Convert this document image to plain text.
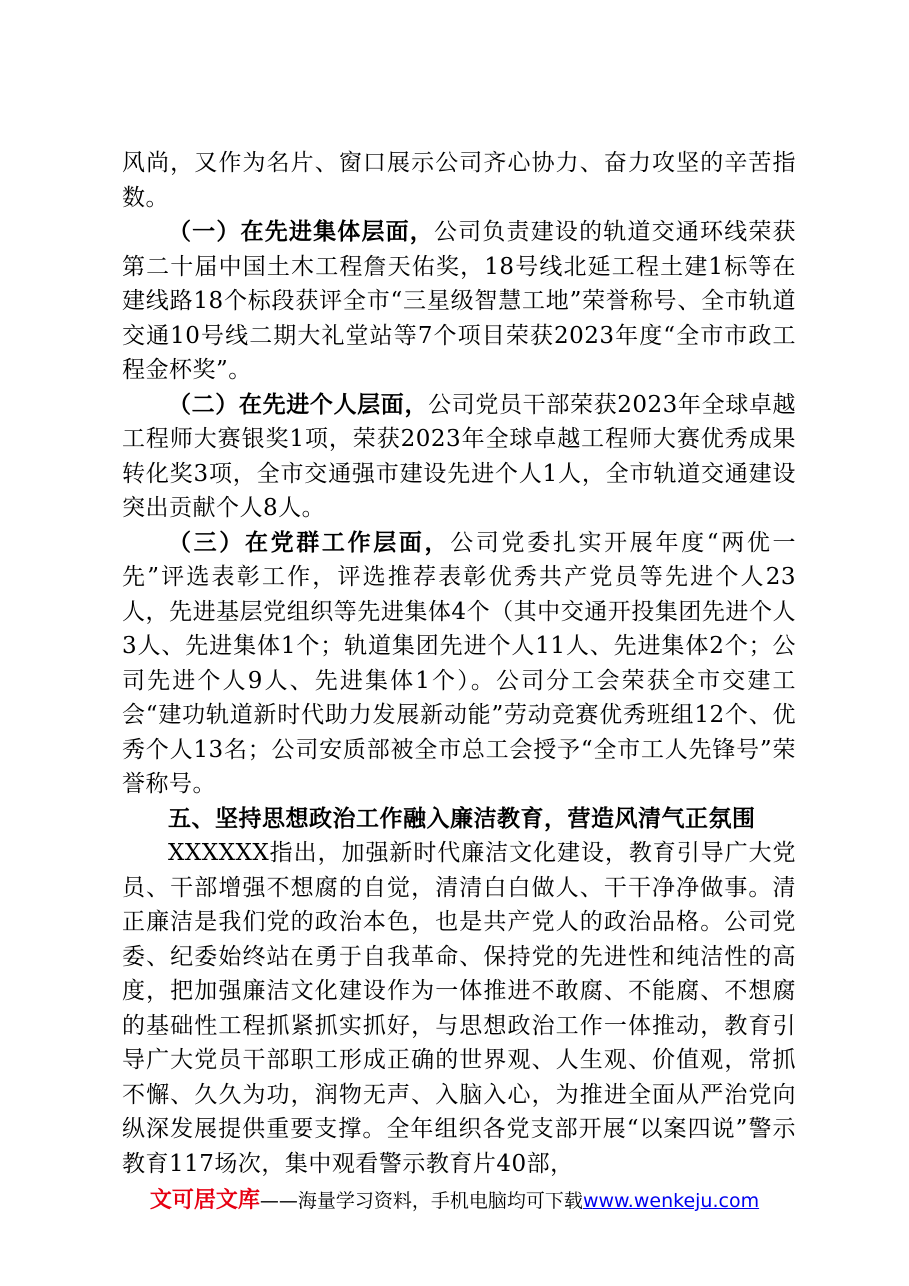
风尚，又作为名片、窗口展示公司齐心协力、奋力攻坚的辛苦指数。

（一）在先进集体层面，公司负责建设的轨道交通环线荣获第二十届中国土木工程詹天佑奖，18号线北延工程土建1标等在建线路18个标段获评全市“三星级智慧工地”荣誉称号、全市轨道交通10号线二期大礼堂站等7个项目荣获2023年度“全市市政工程金杯奖”。

（二）在先进个人层面，公司党员干部荣获2023年全球卓越工程师大赛银奖1项，荣获2023年全球卓越工程师大赛优秀成果转化奖3项，全市交通强市建设先进个人1人，全市轨道交通建设突出贡献个人8人。

（三）在党群工作层面，公司党委扎实开展年度“两优一先”评选表彰工作，评选推荐表彰优秀共产党员等先进个人23人，先进基层党组织等先进集体4个（其中交通开投集团先进个人3人、先进集体1个；轨道集团先进个人11人、先进集体2个；公司先进个人9人、先进集体1个）。公司分工会荣获全市交建工会“建功轨道新时代助力发展新动能”劳动竞赛优秀班组12个、优秀个人13名；公司安质部被全市总工会授予“全市工人先锋号”荣誉称号。

五、坚持思想政治工作融入廉洁教育，营造风清气正氛围

XXXXXX指出，加强新时代廉洁文化建设，教育引导广大党员、干部增强不想腐的自觉，清清白白做人、干干净净做事。清正廉洁是我们党的政治本色，也是共产党人的政治品格。公司党委、纪委始终站在勇于自我革命、保持党的先进性和纯洁性的高度，把加强廉洁文化建设作为一体推进不敢腐、不能腐、不想腐的基础性工程抓紧抓实抓好，与思想政治工作一体推动，教育引导广大党员干部职工形成正确的世界观、人生观、价值观，常抓不懈、久久为功，润物无声、入脑入心，为推进全面从严治党向纵深发展提供重要支撑。全年组织各党支部开展“以案四说”警示教育117场次，集中观看警示教育片40部，

文可居文库——海量学习资料，手机电脑均可下载www.wenkeju.com
